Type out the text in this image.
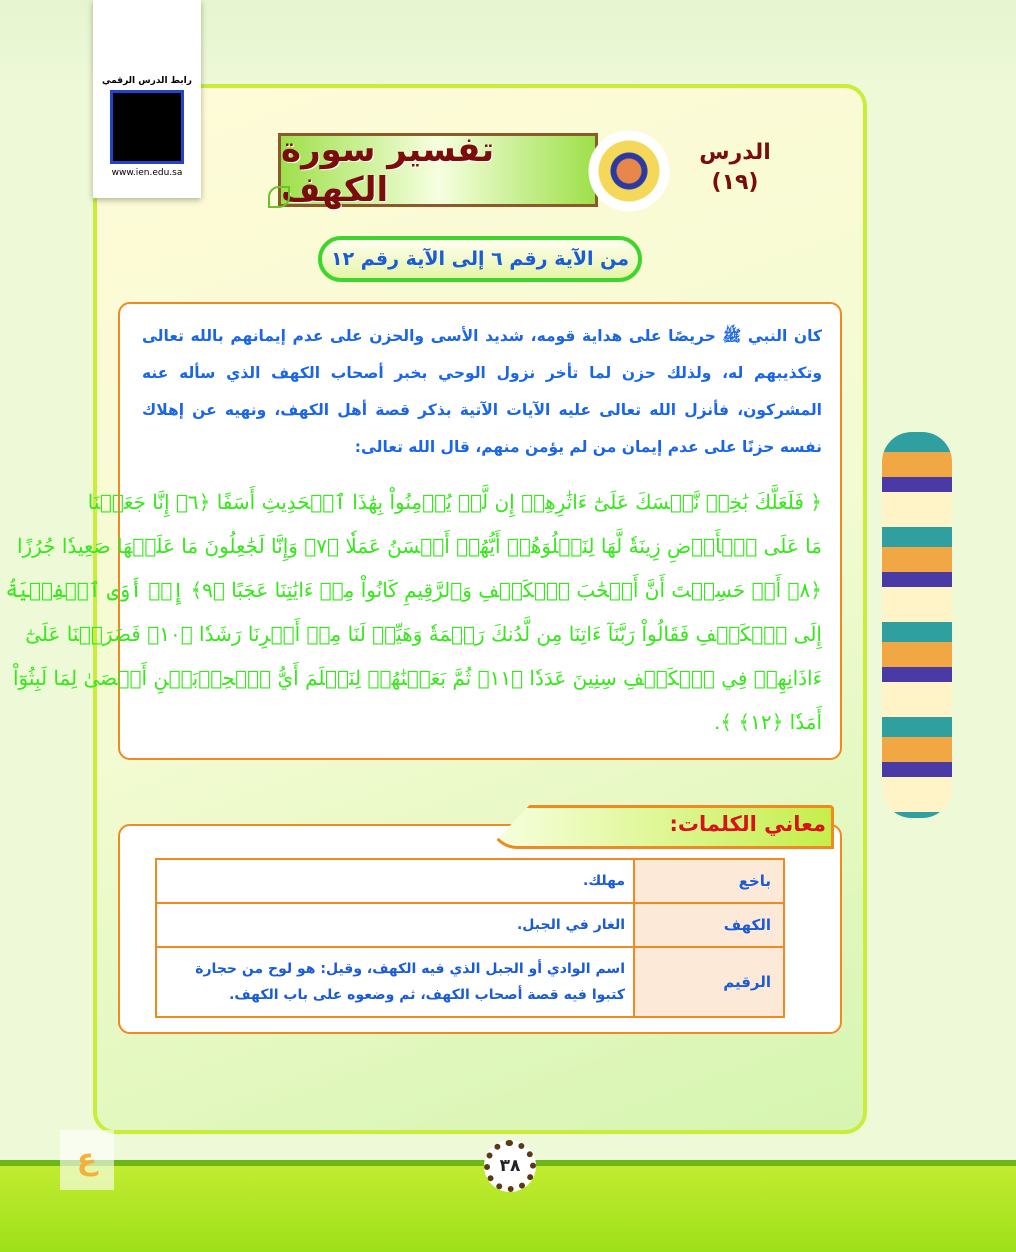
رابط الدرس الرقمي
www.ien.edu.sa
الدرس
(١٩)
تفسير سورة الكهف
من الآية رقم ٦ إلى الآية رقم ١٢

كان النبي ﷺ حريصًا على هداية قومه، شديد الأسى والحزن على عدم إيمانهم بالله تعالى وتكذيبهم له، ولذلك حزن لما تأخر نزول الوحي بخبر أصحاب الكهف الذي سأله عنه المشركون، فأنزل الله تعالى عليه الآيات الآتية بذكر قصة أهل الكهف، ونهيه عن إهلاك نفسه حزنًا على عدم إيمان من لم يؤمن منهم، قال الله تعالى:

﴿ فَلَعَلَّكَ بَٰخِعٞ نَّفۡسَكَ عَلَىٰٓ ءَاثَٰرِهِمۡ إِن لَّمۡ يُؤۡمِنُواْ بِهَٰذَا ٱلۡحَدِيثِ أَسَفًا ﴿٦﴾ إِنَّا جَعَلۡنَا
مَا عَلَى ٱلۡأَرۡضِ زِينَةٗ لَّهَا لِنَبۡلُوَهُمۡ أَيُّهُمۡ أَحۡسَنُ عَمَلٗا ﴿٧﴾ وَإِنَّا لَجَٰعِلُونَ مَا عَلَيۡهَا صَعِيدٗا جُرُزًا
﴿٨﴾ أَمۡ حَسِبۡتَ أَنَّ أَصۡحَٰبَ ٱلۡكَهۡفِ وَٱلرَّقِيمِ كَانُواْ مِنۡ ءَايَٰتِنَا عَجَبًا ﴿٩﴾ إِذۡ أَوَى ٱلۡفِتۡيَةُ
إِلَى ٱلۡكَهۡفِ فَقَالُواْ رَبَّنَآ ءَاتِنَا مِن لَّدُنكَ رَحۡمَةٗ وَهَيِّئۡ لَنَا مِنۡ أَمۡرِنَا رَشَدٗا ﴿١٠﴾ فَضَرَبۡنَا عَلَىٰٓ
ءَاذَانِهِمۡ فِي ٱلۡكَهۡفِ سِنِينَ عَدَدٗا ﴿١١﴾ ثُمَّ بَعَثۡنَٰهُمۡ لِنَعۡلَمَ أَيُّ ٱلۡحِزۡبَيۡنِ أَحۡصَىٰ لِمَا لَبِثُوٓاْ
أَمَدٗا ﴿١٢﴾ ﴾.
معاني الكلمات:
باخع	مهلك.
الكهف	الغار في الجبل.
الرقيم	اسم الوادي أو الجبل الذي فيه الكهف، وقيل: هو لوح من حجارة كتبوا فيه قصة أصحاب الكهف، ثم وضعوه على باب الكهف.
ع	٣٨
